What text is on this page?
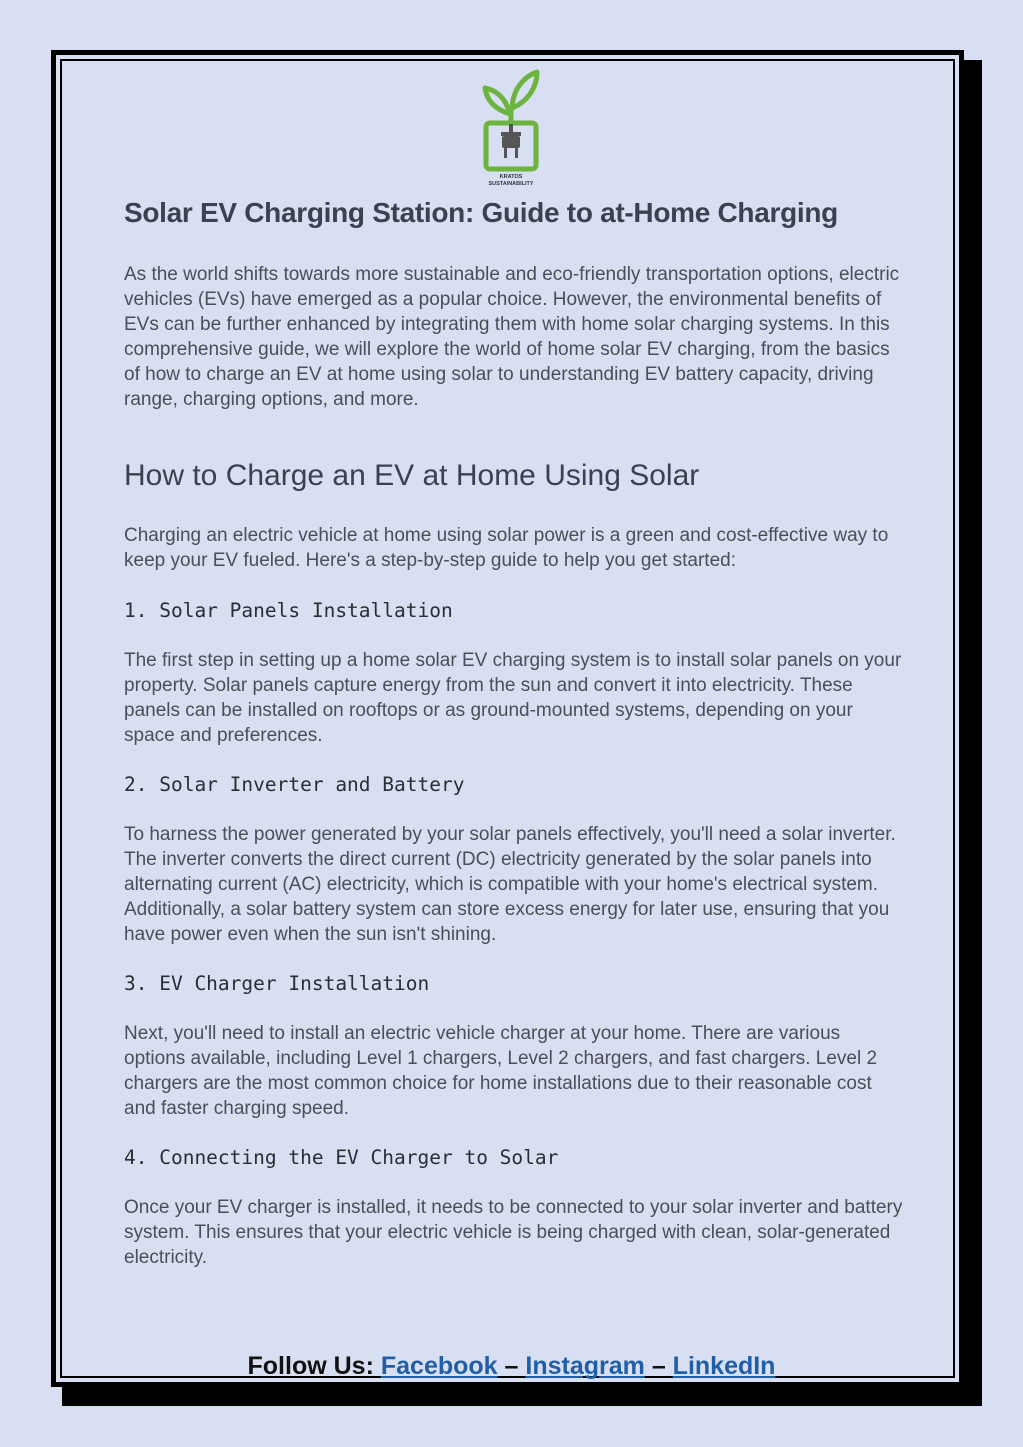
KRATOS
SUSTAINABILITY
Solar EV Charging Station: Guide to at-Home Charging

As the world shifts towards more sustainable and eco-friendly transportation options, electric vehicles (EVs) have emerged as a popular choice. However, the environmental benefits of EVs can be further enhanced by integrating them with home solar charging systems. In this comprehensive guide, we will explore the world of home solar EV charging, from the basics of how to charge an EV at home using solar to understanding EV battery capacity, driving range, charging options, and more.

How to Charge an EV at Home Using Solar

Charging an electric vehicle at home using solar power is a green and cost-effective way to keep your EV fueled. Here's a step-by-step guide to help you get started:

1. Solar Panels Installation

The first step in setting up a home solar EV charging system is to install solar panels on your property. Solar panels capture energy from the sun and convert it into electricity. These panels can be installed on rooftops or as ground-mounted systems, depending on your space and preferences.

2. Solar Inverter and Battery

To harness the power generated by your solar panels effectively, you'll need a solar inverter. The inverter converts the direct current (DC) electricity generated by the solar panels into alternating current (AC) electricity, which is compatible with your home's electrical system. Additionally, a solar battery system can store excess energy for later use, ensuring that you have power even when the sun isn't shining.

3. EV Charger Installation

Next, you'll need to install an electric vehicle charger at your home. There are various options available, including Level 1 chargers, Level 2 chargers, and fast chargers. Level 2 chargers are the most common choice for home installations due to their reasonable cost and faster charging speed.

4. Connecting the EV Charger to Solar

Once your EV charger is installed, it needs to be connected to your solar inverter and battery system. This ensures that your electric vehicle is being charged with clean, solar-generated electricity.

Follow Us: Facebook – Instagram – LinkedIn
